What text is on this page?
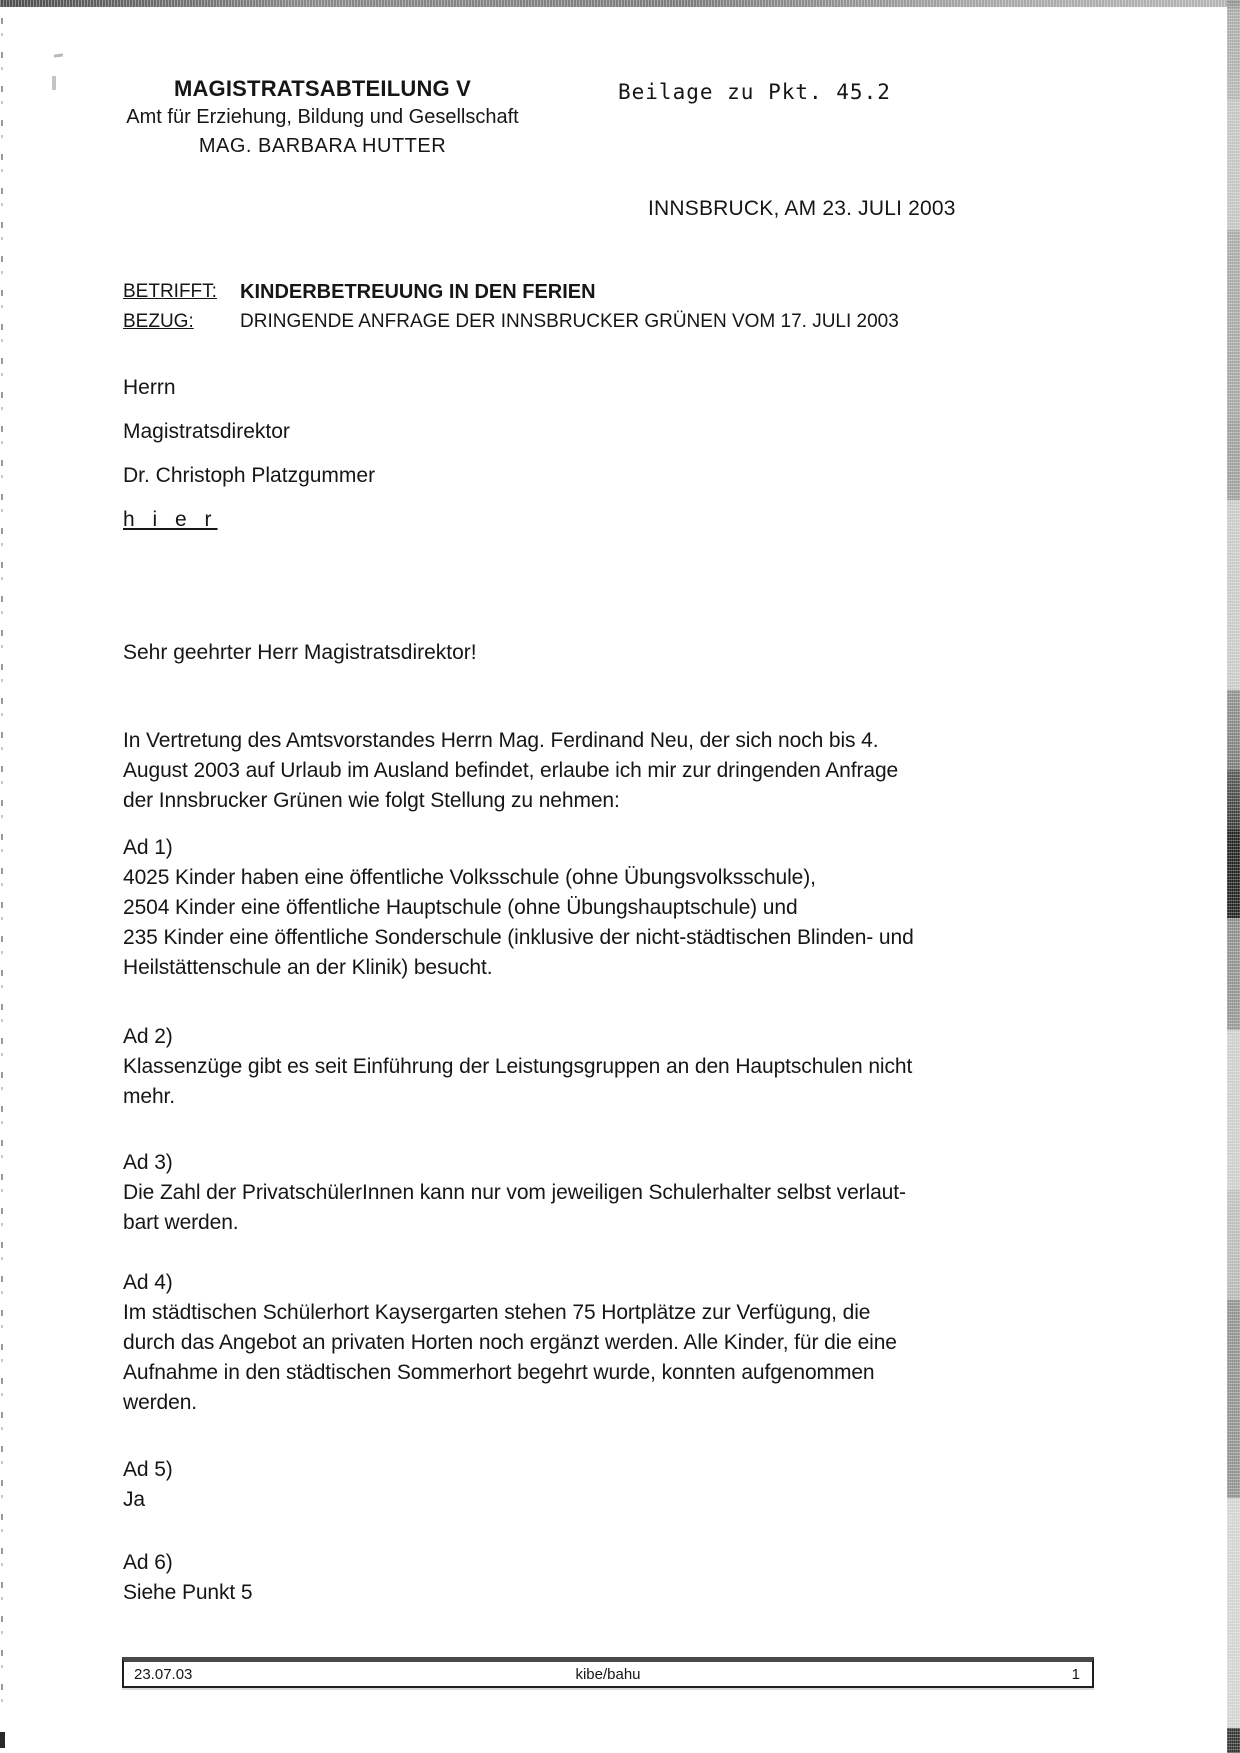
MAGISTRATSABTEILUNG V
Amt für Erziehung, Bildung und Gesellschaft
MAG. BARBARA HUTTER
Beilage zu Pkt. 45.2
INNSBRUCK, AM 23. JULI 2003
BETRIFFT:	KINDERBETREUUNG IN DEN FERIEN
BEZUG:	DRINGENDE ANFRAGE DER INNSBRUCKER GRÜNEN VOM 17. JULI 2003
Herrn
Magistratsdirektor
Dr. Christoph Platzgummer
h i e r
Sehr geehrter Herr Magistratsdirektor!
In Vertretung des Amtsvorstandes Herrn Mag. Ferdinand Neu, der sich noch bis 4.
August 2003 auf Urlaub im Ausland befindet, erlaube ich mir zur dringenden Anfrage
der Innsbrucker Grünen wie folgt Stellung zu nehmen:
Ad 1)
4025 Kinder haben eine öffentliche Volksschule (ohne Übungsvolksschule),
2504 Kinder eine öffentliche Hauptschule (ohne Übungshauptschule) und
235 Kinder eine öffentliche Sonderschule (inklusive der nicht-städtischen Blinden- und
Heilstättenschule an der Klinik) besucht.
Ad 2)
Klassenzüge gibt es seit Einführung der Leistungsgruppen an den Hauptschulen nicht
mehr.
Ad 3)
Die Zahl der PrivatschülerInnen kann nur vom jeweiligen Schulerhalter selbst verlaut-
bart werden.
Ad 4)
Im städtischen Schülerhort Kaysergarten stehen 75 Hortplätze zur Verfügung, die
durch das Angebot an privaten Horten noch ergänzt werden. Alle Kinder, für die eine
Aufnahme in den städtischen Sommerhort begehrt wurde, konnten aufgenommen
werden.
Ad 5)
Ja
Ad 6)
Siehe Punkt 5
23.07.03	kibe/bahu	1
